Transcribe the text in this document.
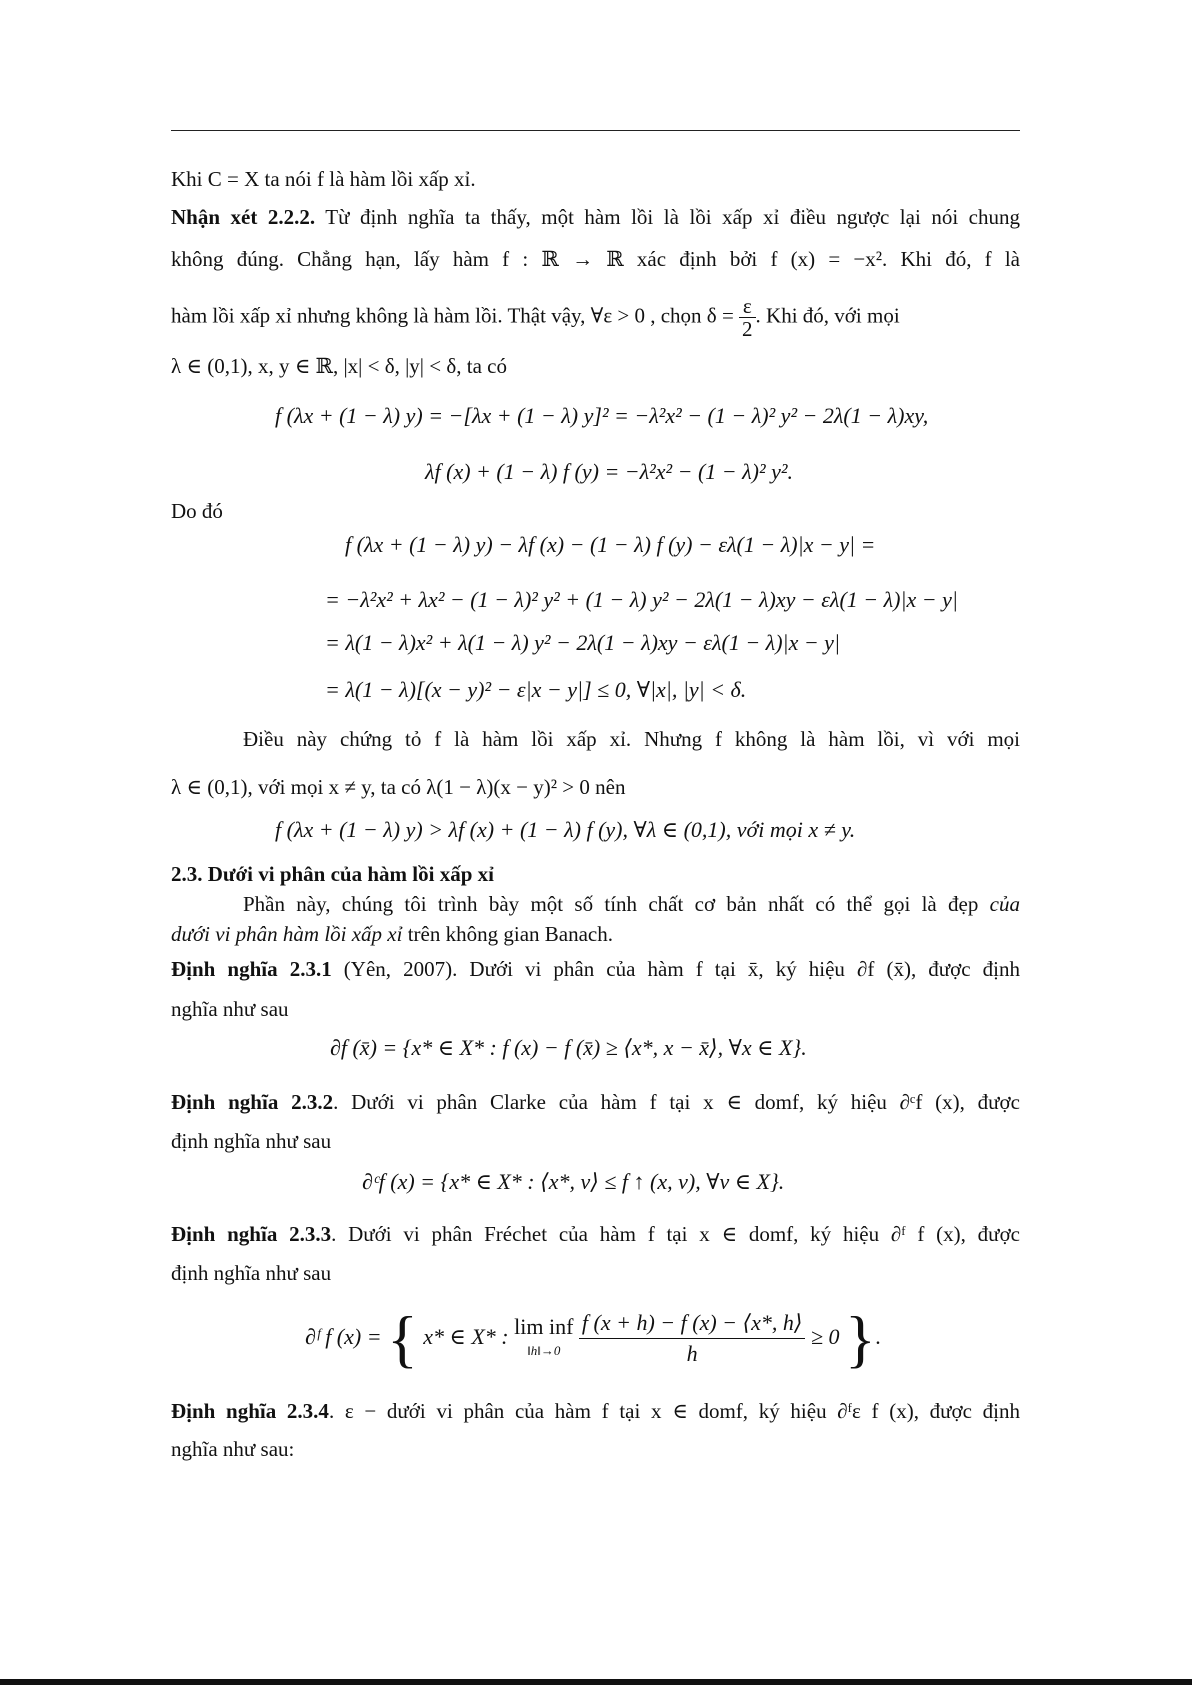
Khi C = X ta nói f là hàm lồi xấp xỉ.
Nhận xét 2.2.2. Từ định nghĩa ta thấy, một hàm lồi là lồi xấp xỉ điều ngược lại nói chung
không đúng. Chẳng hạn, lấy hàm f : ℝ → ℝ xác định bởi f (x) = −x². Khi đó, f là
hàm lồi xấp xỉ nhưng không là hàm lồi. Thật vậy, ∀ε > 0 , chọn $\delta = \frac{\varepsilon}{2}$ . Khi đó, với mọi
λ ∈ (0,1), x, y ∈ ℝ, |x| < δ, |y| < δ, ta có
f (λx + (1 − λ) y) = −[λx + (1 − λ) y]² = −λ²x² − (1 − λ)² y² − 2λ(1 − λ)xy,
λf (x) + (1 − λ) f (y) = −λ²x² − (1 − λ)² y².
Do đó
f (λx + (1 − λ) y) − λf (x) − (1 − λ) f (y) − ελ(1 − λ)|x − y| =
= −λ²x² + λx² − (1 − λ)² y² + (1 − λ) y² − 2λ(1 − λ)xy − ελ(1 − λ)|x − y|
= λ(1 − λ)x² + λ(1 − λ) y² − 2λ(1 − λ)xy − ελ(1 − λ)|x − y|
= λ(1 − λ)[(x − y)² − ε|x − y|] ≤ 0, ∀|x|, |y| < δ.
Điều này chứng tỏ f là hàm lồi xấp xỉ. Nhưng f không là hàm lồi, vì với mọi
λ ∈ (0,1), với mọi x ≠ y, ta có λ(1 − λ)(x − y)² > 0 nên
f (λx + (1 − λ) y) > λf (x) + (1 − λ) f (y), ∀λ ∈ (0,1), với mọi x ≠ y.
2.3. Dưới vi phân của hàm lồi xấp xỉ
Phần này, chúng tôi trình bày một số tính chất cơ bản nhất có thể gọi là đẹp của
dưới vi phân hàm lồi xấp xỉ trên không gian Banach.
Định nghĩa 2.3.1 (Yên, 2007). Dưới vi phân của hàm f tại x̄, ký hiệu ∂f (x̄), được định
nghĩa như sau
∂f (x̄) = {x* ∈ X* : f (x) − f (x̄) ≥ ⟨x*, x − x̄⟩, ∀x ∈ X}.
Định nghĩa 2.3.2. Dưới vi phân Clarke của hàm f tại x ∈ domf, ký hiệu ∂ᶜf (x), được
định nghĩa như sau
∂ᶜf (x) = {x* ∈ X* : ⟨x*, v⟩ ≤ f ↑ (x, v), ∀v ∈ X}.
Định nghĩa 2.3.3. Dưới vi phân Fréchet của hàm f tại x ∈ domf, ký hiệu ∂ᶠ f (x), được
định nghĩa như sau
∂ᶠ f (x) = { x* ∈ X* : lim inf
‖h‖→0
$\frac{f (x + h) - f (x) - ⟨x*, h⟩}{h} \ge 0$ }.
Định nghĩa 2.3.4. ε − dưới vi phân của hàm f tại x ∈ domf, ký hiệu ∂ᶠε f (x), được định
nghĩa như sau:
